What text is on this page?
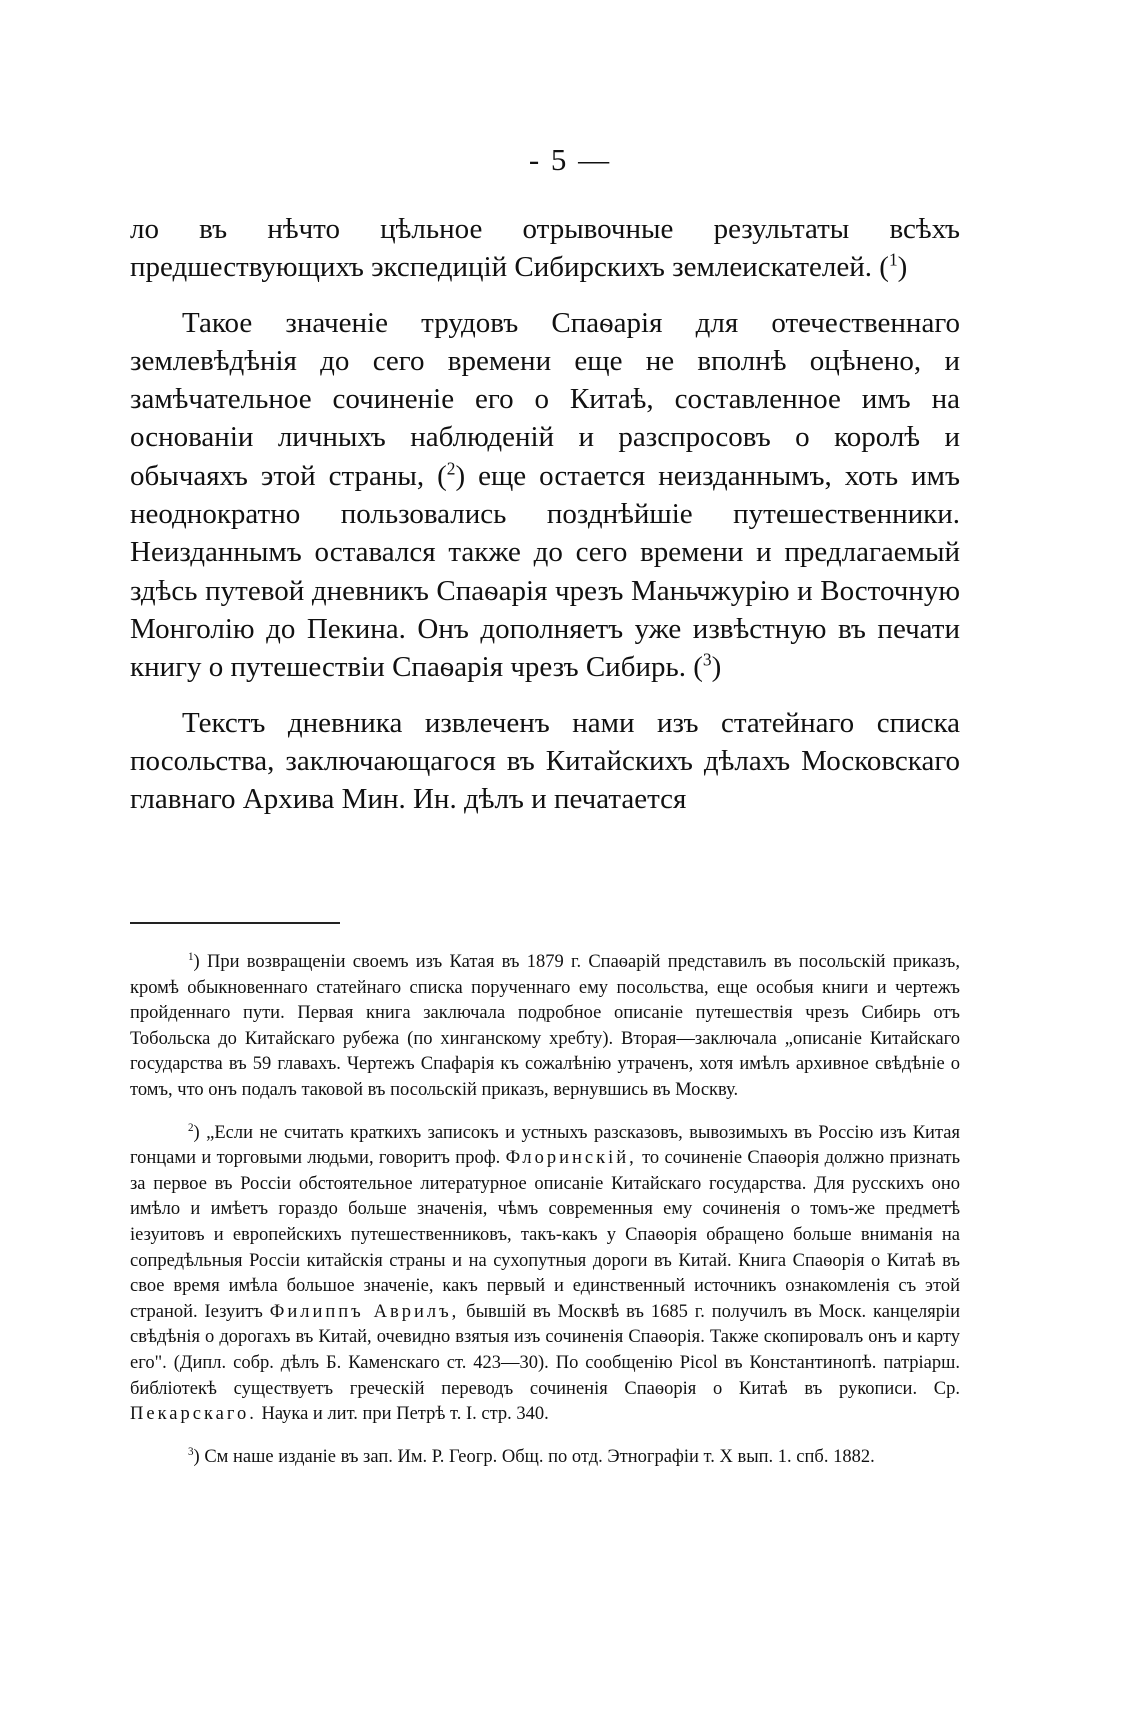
- 5 —

ло въ нѣчто цѣльное отрывочные результаты всѣхъ предшествующихъ экспедицій Сибирскихъ землеискателей. ($^1$)

Такое значеніе трудовъ Спаѳарія для отечественнаго землевѣдѣнія до сего времени еще не вполнѣ оцѣнено, и замѣчательное сочиненіе его о Китаѣ, составленное имъ на основаніи личныхъ наблюденій и разспросовъ о королѣ и обычаяхъ этой страны, ($^2$) еще остается неизданнымъ, хоть имъ неоднократно пользовались позднѣйшіе путешественники. Неизданнымъ оставался также до сего времени и предлагаемый здѣсь путевой дневникъ Спаѳарія чрезъ Маньчжурію и Восточную Монголію до Пекина. Онъ дополняетъ уже извѣстную въ печати книгу о путешествіи Спаѳарія чрезъ Сибирь. ($^3$)

Текстъ дневника извлеченъ нами изъ статейнаго списка посольства, заключающагося въ Китайскихъ дѣлахъ Московскаго главнаго Архива Мин. Ин. дѣлъ и печатается

$^1$) При возвращеніи своемъ изъ Катая въ 1879 г. Спаѳарій представилъ въ посольскій приказъ, кромѣ обыкновеннаго статейнаго списка порученнаго ему посольства, еще особыя книги и чертежъ пройденнаго пути. Первая книга заключала подробное описаніе путешествія чрезъ Сибирь отъ Тобольска до Китайскаго рубежа (по хинганскому хребту). Вторая—заключала „описаніе Китайскаго государства въ 59 главахъ. Чертежъ Спафарія къ сожалѣнію утраченъ, хотя имѣлъ архивное свѣдѣніе о томъ, что онъ подалъ таковой въ посольскій приказъ, вернувшись въ Москву.

$^2$) „Если не считать краткихъ записокъ и устныхъ разсказовъ, вывозимыхъ въ Россію изъ Китая гонцами и торговыми людьми, говоритъ проф. Флоринскій, то сочиненіе Спаѳорія должно признать за первое въ Россіи обстоятельное литературное описаніе Китайскаго государства. Для русскихъ оно имѣло и имѣетъ гораздо больше значенія, чѣмъ современныя ему сочиненія о томъ-же предметѣ іезуитовъ и европейскихъ путешественниковъ, такъ-какъ у Спаѳорія обращено больше вниманія на сопредѣльныя Россіи китайскія страны и на сухопутныя дороги въ Китай. Книга Спаѳорія о Китаѣ въ свое время имѣла большое значеніе, какъ первый и единственный источникъ ознакомленія съ этой страной. Іезуитъ Филиппъ Аврилъ, бывшій въ Москвѣ въ 1685 г. получилъ въ Моск. канцеляріи свѣдѣнія о дорогахъ въ Китай, очевидно взятыя изъ сочиненія Спаѳорія. Также скопировалъ онъ и карту его". (Дипл. собр. дѣлъ Б. Каменскаго ст. 423—30). По сообщенію Picol въ Константинопѣ. патріарш. библіотекѣ существуетъ греческій переводъ сочиненія Спаѳорія о Китаѣ въ рукописи. Ср. Пекарскаго. Наука и лит. при Петрѣ т. I. стр. 340.

$^3$) См наше изданіе въ зап. Им. Р. Геогр. Общ. по отд. Этнографіи т. X вып. 1. спб. 1882.
